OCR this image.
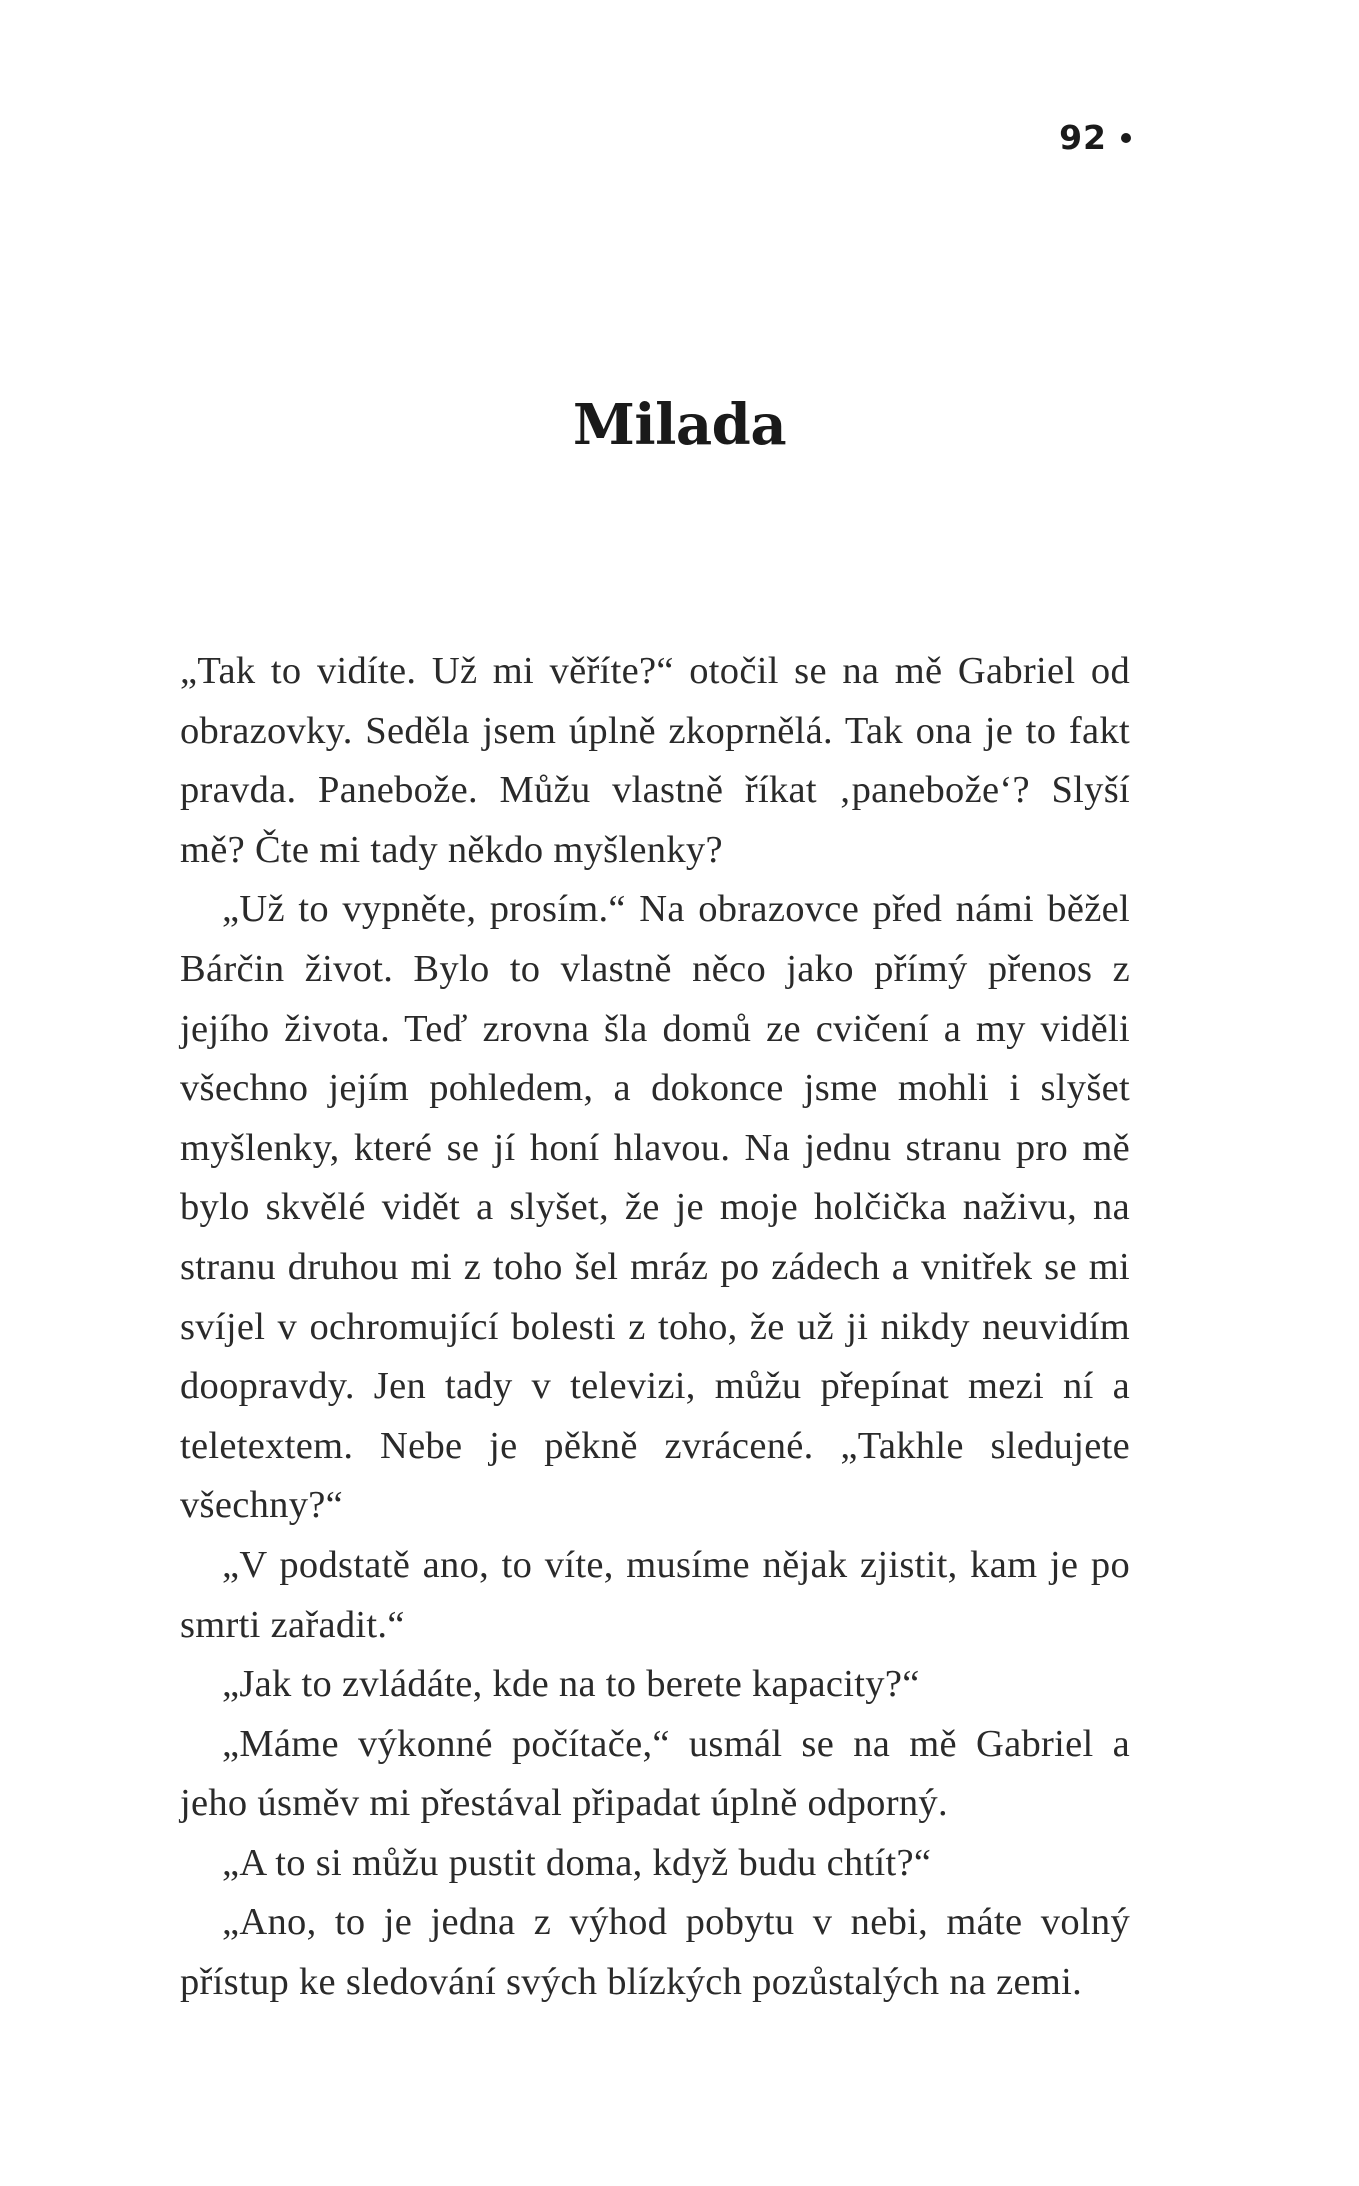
92
Milada

„Tak to vidíte. Už mi věříte?“ otočil se na mě Gabriel od obrazovky. Seděla jsem úplně zkoprnělá. Tak ona je to fakt pravda. Panebože. Můžu vlastně říkat ‚panebože‘? Slyší mě? Čte mi tady někdo myšlenky?

„Už to vypněte, prosím.“ Na obrazovce před námi běžel Bárčin život. Bylo to vlastně něco jako přímý přenos z jejího života. Teď zrovna šla domů ze cvičení a my viděli všechno jejím pohledem, a dokonce jsme mohli i slyšet myšlenky, které se jí honí hlavou. Na jednu stranu pro mě bylo skvělé vidět a slyšet, že je moje holčička naživu, na stranu druhou mi z toho šel mráz po zádech a vnitřek se mi svíjel v ochromující bolesti z toho, že už ji nikdy neuvidím doopravdy. Jen tady v televizi, můžu přepínat mezi ní a teletextem. Nebe je pěkně zvrácené. „Takhle sledujete všechny?“

„V podstatě ano, to víte, musíme nějak zjistit, kam je po smrti zařadit.“

„Jak to zvládáte, kde na to berete kapacity?“

„Máme výkonné počítače,“ usmál se na mě Gabriel a jeho úsměv mi přestával připadat úplně odporný.

„A to si můžu pustit doma, když budu chtít?“

„Ano, to je jedna z výhod pobytu v nebi, máte volný přístup ke sledování svých blízkých pozůstalých na zemi.
